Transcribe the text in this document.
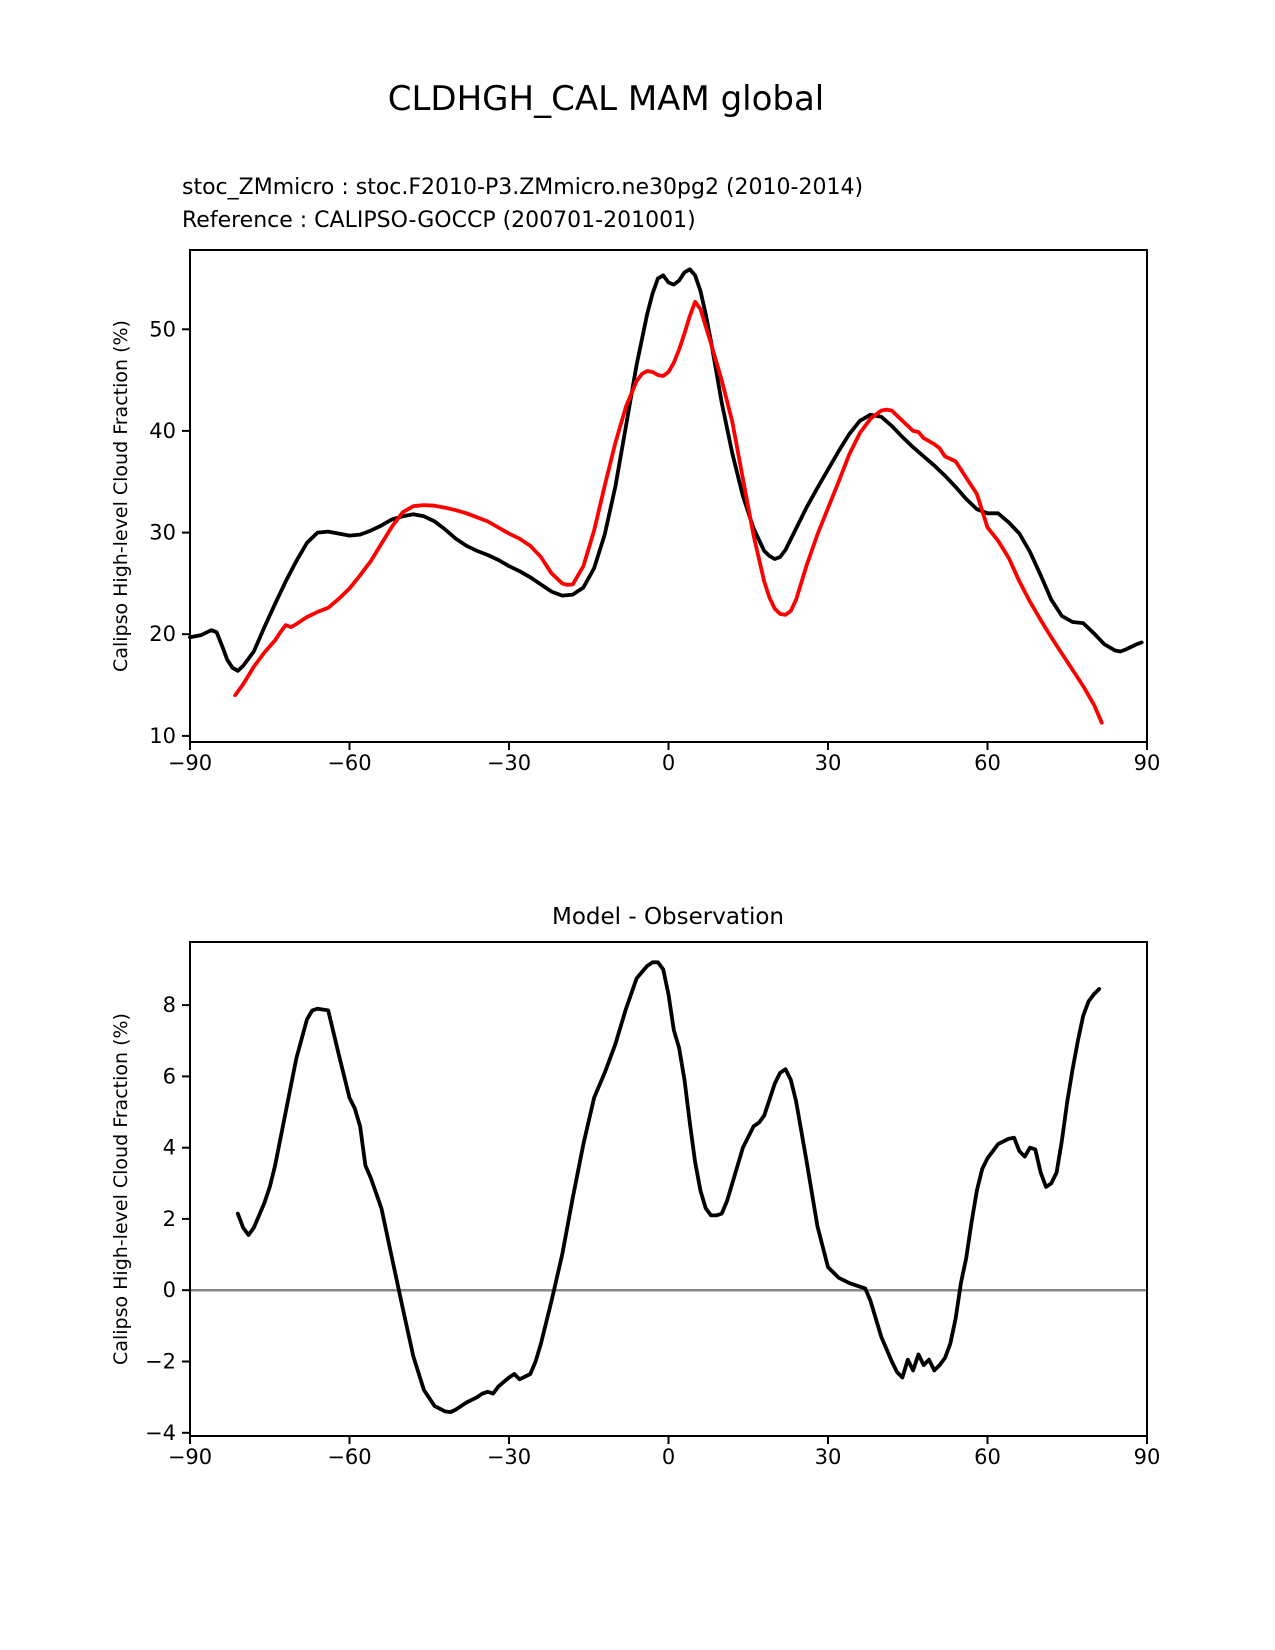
CLDHGH_CAL MAM global
stoc_ZMmicro : stoc.F2010-P3.ZMmicro.ne30pg2 (2010-2014)
Reference : CALIPSO-GOCCP (200701-201001)
Calipso High-level Cloud Fraction (%)
Model - Observation
Calipso High-level Cloud Fraction (%)
−90	−60	−30	0	30	60	90
10
20
30
40
50
−90	−60	−30	0	30	60	90
8
6
4
2
0
−2
−4
